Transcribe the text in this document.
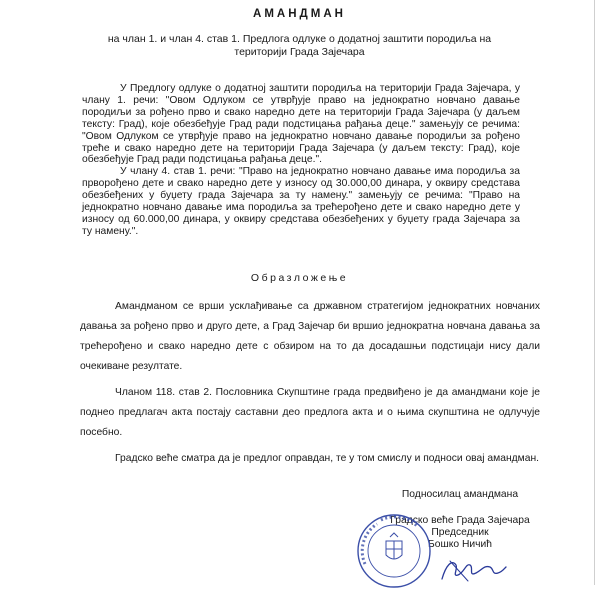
АМАНДМАН
на члан 1. и члан 4. став 1. Предлога одлуке о додатној заштити породиља на
територији Града Зајечара

У Предлогу одлуке о додатној заштити породиља на територији Града Зајечара, у члану 1. речи: "Овом Одлуком се утврђује право на једнократно новчано давање породиљи за рођено прво и свако наредно дете на територији Града Зајечара (у даљем тексту: Град), које обезбеђује Град ради подстицања рађања деце." замењују се речима: "Овом Одлуком се утврђује право на једнократно новчано давање породиљи за рођено треће и свако наредно дете на територији Града Зајечара (у даљем тексту: Град), које обезбеђује Град ради подстицања рађања деце.".

У члану 4. став 1. речи: "Право на једнократно новчано давање има породиља за прворођено дете и свако наредно дете у износу од 30.000,00 динара, у оквиру средстава обезбеђених у буџету града Зајечара за ту намену." замењују се речима: "Право на једнократно новчано давање има породиља за трећерођено дете и свако наредно дете у износу од 60.000,00 динара, у оквиру средстава обезбеђених у буџету града Зајечара за ту намену.".

Образложење

Амандманом се врши усклађивање са државном стратегијом једнократних новчаних давања за рођено прво и друго дете, а Град Зајечар би вршио једнократна новчана давања за трећерођено и свако наредно дете с обзиром на то да досадашњи подстицаји нису дали очекиване резултате.

Чланом 118. став 2. Пословника Скупштине града предвиђено је да амандмани које је поднео предлагач акта постају саставни део предлога акта и о њима скупштина не одлучује посебно.

Градско веће сматра да је предлог оправдан, те у том смислу и подноси овај амандман.

Подносилац амандмана
Градско веће Града Зајечара
Председник
Бошко Ничић
